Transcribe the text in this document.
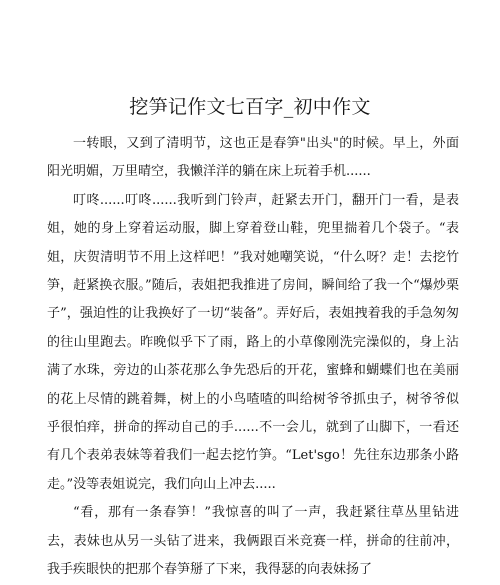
挖笋记作文七百字_初中作文

一转眼，又到了清明节，这也正是春笋"出头"的时候。早上，外面阳光明媚，万里晴空，我懒洋洋的躺在床上玩着手机......

叮咚......叮咚......我听到门铃声，赶紧去开门，翻开门一看，是表姐，她的身上穿着运动服，脚上穿着登山鞋，兜里揣着几个袋子。“表姐，庆贺清明节不用上这样吧！”我对她嘲笑说，“什么呀？走！去挖竹笋，赶紧换衣服。”随后，表姐把我推进了房间，瞬间给了我一个“爆炒栗子”，强迫性的让我换好了一切“装备”。弄好后，表姐拽着我的手急匆匆的往山里跑去。昨晚似乎下了雨，路上的小草像刚洗完澡似的，身上沾满了水珠，旁边的山茶花那么争先恐后的开花，蜜蜂和蝴蝶们也在美丽的花上尽情的跳着舞，树上的小鸟喳喳的叫给树爷爷抓虫子，树爷爷似乎很怕痒，拼命的挥动自己的手......不一会儿，就到了山脚下，一看还有几个表弟表妹等着我们一起去挖竹笋。“Let'sgo！先往东边那条小路走。”没等表姐说完，我们向山上冲去.....

“看，那有一条春笋！”我惊喜的叫了一声，我赶紧往草丛里钻进去，表妹也从另一头钻了进来，我俩跟百米竞赛一样，拼命的往前冲，我手疾眼快的把那个春笋掰了下来，我得瑟的向表妹扬了
